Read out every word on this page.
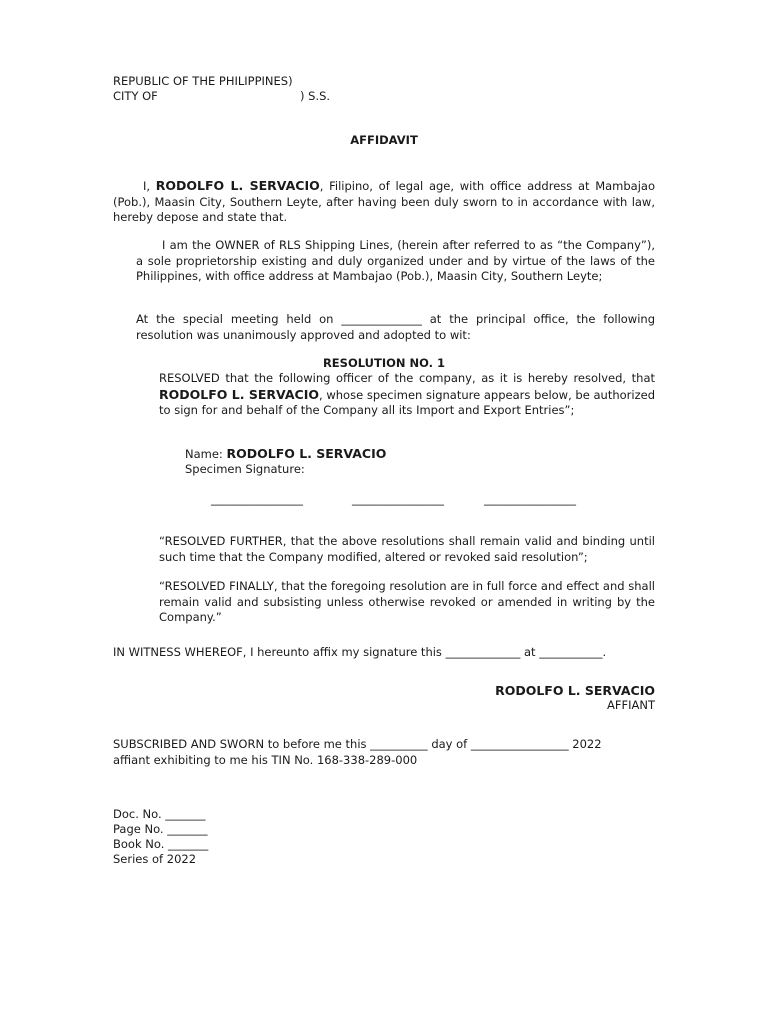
REPUBLIC OF THE PHILIPPINES)
CITY OF	) S.S.
AFFIDAVIT
I, RODOLFO L. SERVACIO, Filipino, of legal age, with office address at Mambajao (Pob.), Maasin City, Southern Leyte, after having been duly sworn to in accordance with law, hereby depose and state that.
I am the OWNER of RLS Shipping Lines, (herein after referred to as “the Company”), a sole proprietorship existing and duly organized under and by virtue of the laws of the Philippines, with office address at Mambajao (Pob.), Maasin City, Southern Leyte;
At the special meeting held on ______________ at the principal office, the following resolution was unanimously approved and adopted to wit:
RESOLUTION NO. 1
RESOLVED that the following officer of the company, as it is hereby resolved, that RODOLFO L. SERVACIO, whose specimen signature appears below, be authorized to sign for and behalf of the Company all its Import and Export Entries”;
Name: RODOLFO L. SERVACIO
Specimen Signature:
________________	________________	________________
“RESOLVED FURTHER, that the above resolutions shall remain valid and binding until such time that the Company modified, altered or revoked said resolution”;
“RESOLVED FINALLY, that the foregoing resolution are in full force and effect and shall remain valid and subsisting unless otherwise revoked or amended in writing by the Company.”
IN WITNESS WHEREOF, I hereunto affix my signature this _____________ at ___________.
RODOLFO L. SERVACIO
AFFIANT
SUBSCRIBED AND SWORN to before me this __________ day of _________________ 2022
affiant exhibiting to me his TIN No. 168-338-289-000
Doc. No. _______
Page No. _______
Book No. _______
Series of 2022
